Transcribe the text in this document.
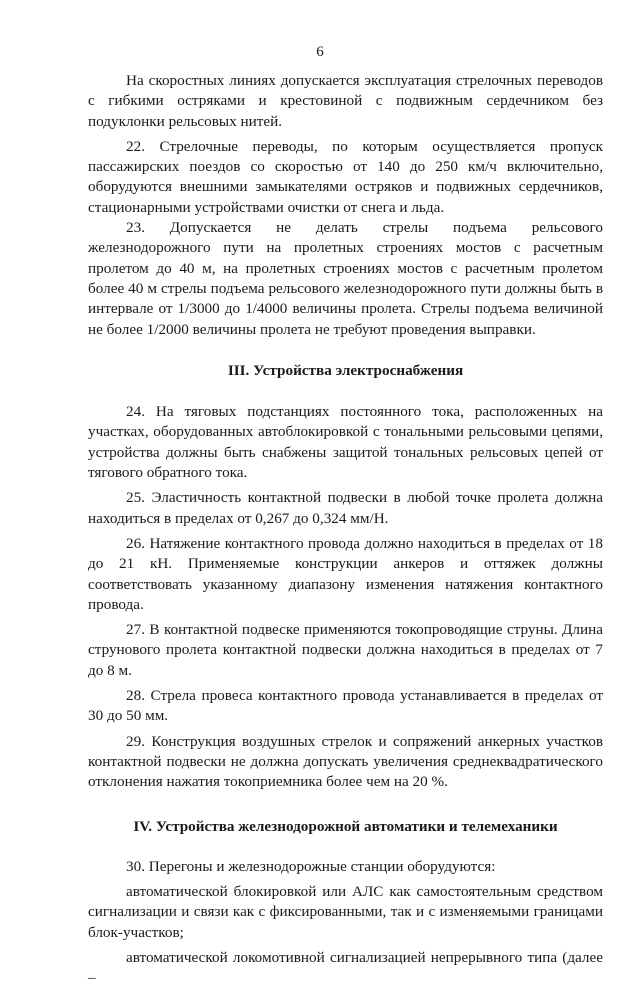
6

На скоростных линиях допускается эксплуатация стрелочных переводов с гибкими остряками и крестовиной с подвижным сердечником без подуклонки рельсовых нитей.

22. Стрелочные переводы, по которым осуществляется пропуск пассажирских поездов со скоростью от 140 до 250 км/ч включительно, оборудуются внешними замыкателями остряков и подвижных сердечников, стационарными устройствами очистки от снега и льда.

23. Допускается не делать стрелы подъема рельсового железнодорожного пути на пролетных строениях мостов с расчетным пролетом до 40 м, на пролетных строениях мостов с расчетным пролетом более 40 м стрелы подъема рельсового железнодорожного пути должны быть в интервале от 1/3000 до 1/4000 величины пролета. Стрелы подъема величиной не более 1/2000 величины пролета не требуют проведения выправки.

III. Устройства электроснабжения

24. На тяговых подстанциях постоянного тока, расположенных на участках, оборудованных автоблокировкой с тональными рельсовыми цепями, устройства должны быть снабжены защитой тональных рельсовых цепей от тягового обратного тока.

25. Эластичность контактной подвески в любой точке пролета должна находиться в пределах от 0,267 до 0,324 мм/Н.

26. Натяжение контактного провода должно находиться в пределах от 18 до 21 кН. Применяемые конструкции анкеров и оттяжек должны соответствовать указанному диапазону изменения натяжения контактного провода.

27. В контактной подвеске применяются токопроводящие струны. Длина струнового пролета контактной подвески должна находиться в пределах от 7 до 8 м.

28. Стрела провеса контактного провода устанавливается в пределах от 30 до 50 мм.

29. Конструкция воздушных стрелок и сопряжений анкерных участков контактной подвески не должна допускать увеличения среднеквадратического отклонения нажатия токоприемника более чем на 20 %.

IV. Устройства железнодорожной автоматики и телемеханики

30. Перегоны и железнодорожные станции оборудуются:

автоматической блокировкой или АЛС как самостоятельным средством сигнализации и связи как с фиксированными, так и с изменяемыми границами блок-участков;

автоматической локомотивной сигнализацией непрерывного типа (далее –
